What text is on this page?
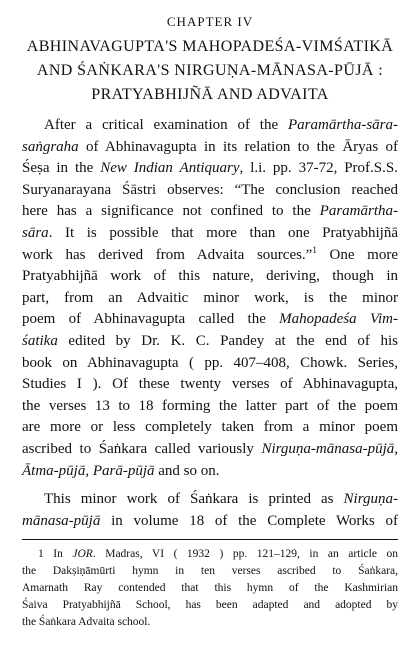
CHAPTER IV
ABHINAVAGUPTA'S MAHOPADEŚA-VIMŚATIKĀ
AND ŚAṄKARA'S NIRGUṆA-MĀNASA-PŪJĀ :
PRATYABHIJÑĀ AND ADVAITA
After a critical examination of the Paramārtha-sāra-
saṅgraha of Abhinavagupta in its relation to the Āryas of
Śeṣa in the New Indian Antiquary, l.i. pp. 37-72, Prof.S.S.
Suryanarayana Śāstri observes: “The conclusion reached
here has a significance not confined to the Paramārtha-
sāra. It is possible that more than one Pratyabhijñā
work has derived from Advaita sources.”$^1$ One more
Pratyabhijñā work of this nature, deriving, though in
part, from an Advaitic minor work, is the minor
poem of Abhinavagupta called the Mahopadeśa Vim-
śatika edited by Dr. K. C. Pandey at the end of his
book on Abhinavagupta ( pp. 407–408, Chowk. Series,
Studies I ). Of these twenty verses of Abhinavagupta,
the verses 13 to 18 forming the latter part of the poem
are more or less completely taken from a minor poem
ascribed to Śaṅkara called variously Nirguṇa-mānasa-pūjā,
Ātma-pūjā, Parā-pūjā and so on.
This minor work of Śaṅkara is printed as Nirguṇa-
mānasa-pūjā in volume 18 of the Complete Works of
1 In JOR. Madras, VI ( 1932 ) pp. 121–129, in an article on
the Dakṣiṇāmūrti hymn in ten verses ascribed to Śaṅkara,
Amarnath Ray contended that this hymn of the Kashmirian
Śaiva Pratyabhijñā School, has been adapted and adopted by
the Śaṅkara Advaita school.
